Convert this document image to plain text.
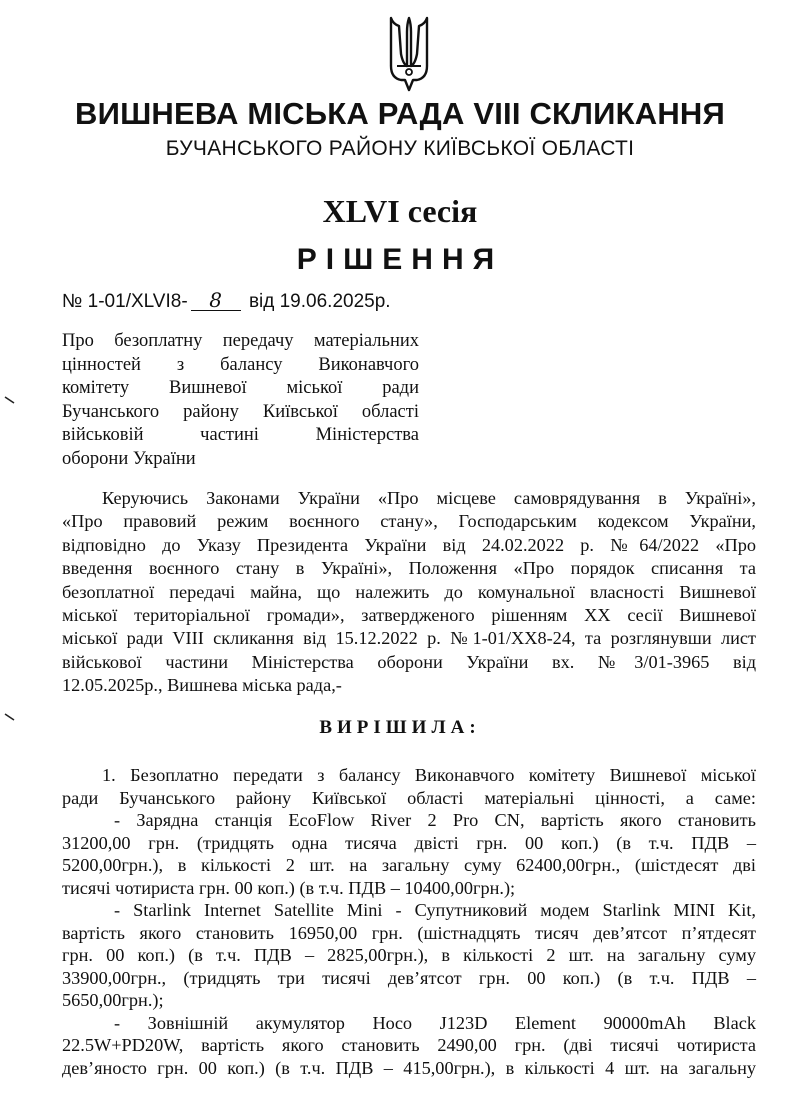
ВИШНЕВА МІСЬКА РАДА VIII СКЛИКАННЯ
БУЧАНСЬКОГО РАЙОНУ КИЇВСЬКОЇ ОБЛАСТІ
XLVI сесія
РІШЕННЯ
№ 1-01/XLVI8- 8 від 19.06.2025р.
Про безоплатну передачу матеріальних
цінностей з балансу Виконавчого
комітету Вишневої міської ради
Бучанського району Київської області
військовій частині Міністерства
оборони України
Керуючись Законами України «Про місцеве самоврядування в Україні»,
«Про правовий режим воєнного стану», Господарським кодексом України,
відповідно до Указу Президента України від 24.02.2022 р. №64/2022 «Про
введення воєнного стану в Україні», Положення «Про порядок списання та
безоплатної передачі майна, що належить до комунальної власності Вишневої
міської територіальної громади», затвердженого рішенням ХХ сесії Вишневої
міської ради VIII скликання від 15.12.2022 р. №1-01/ХХ8-24, та розглянувши лист
військової частини Міністерства оборони України вх. №3/01-3965 від
12.05.2025р., Вишнева міська рада,-
ВИРІШИЛА:
1. Безоплатно передати з балансу Виконавчого комітету Вишневої міської
ради Бучанського району Київської області матеріальні цінності, а саме:
- Зарядна станція EcoFlow River 2 Pro CN, вартість якого становить
31200,00 грн. (тридцять одна тисяча двісті грн. 00 коп.) (в т.ч. ПДВ –
5200,00грн.), в кількості 2 шт. на загальну суму 62400,00грн., (шістдесят дві
тисячі чотириста грн. 00 коп.) (в т.ч. ПДВ – 10400,00грн.);
- Starlink Internet Satellite Mini - Супутниковий модем Starlink MINI Kit,
вартість якого становить 16950,00 грн. (шістнадцять тисяч дев’ятсот п’ятдесят
грн. 00 коп.) (в т.ч. ПДВ – 2825,00грн.), в кількості 2 шт. на загальну суму
33900,00грн., (тридцять три тисячі дев’ятсот грн. 00 коп.) (в т.ч. ПДВ –
5650,00грн.);
- Зовнішній акумулятор Hoco J123D Element 90000mAh Black
22.5W+PD20W, вартість якого становить 2490,00 грн. (дві тисячі чотириста
дев’яносто грн. 00 коп.) (в т.ч. ПДВ – 415,00грн.), в кількості 4 шт. на загальну
